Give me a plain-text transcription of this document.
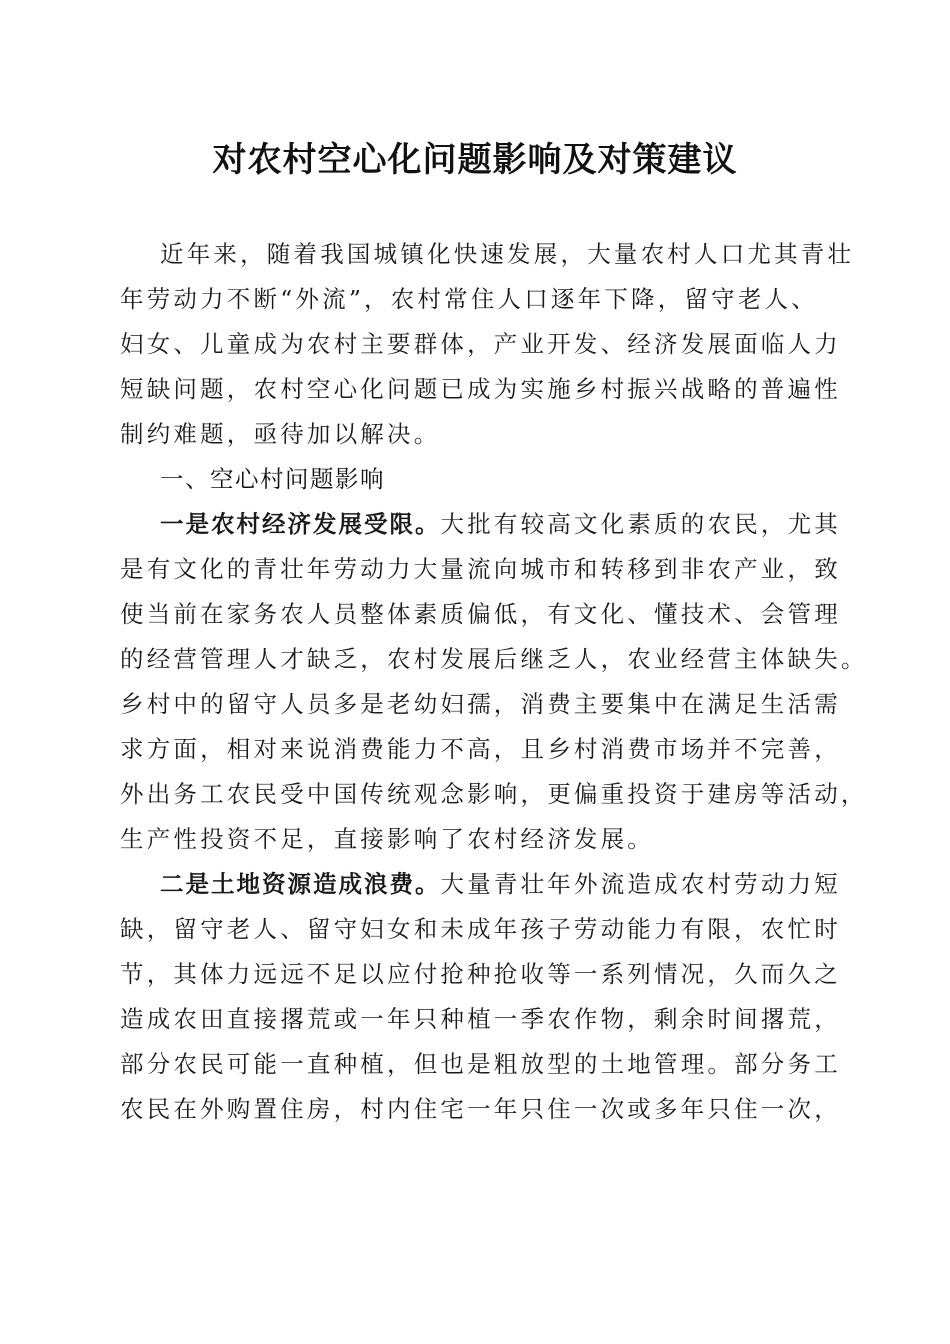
对农村空心化问题影响及对策建议
近年来，随着我国城镇化快速发展，大量农村人口尤其青壮
年劳动力不断“外流”，农村常住人口逐年下降，留守老人、
妇女、儿童成为农村主要群体，产业开发、经济发展面临人力
短缺问题，农村空心化问题已成为实施乡村振兴战略的普遍性
制约难题，亟待加以解决。
一、空心村问题影响
一是农村经济发展受限。大批有较高文化素质的农民，尤其
是有文化的青壮年劳动力大量流向城市和转移到非农产业，致
使当前在家务农人员整体素质偏低，有文化、懂技术、会管理
的经营管理人才缺乏，农村发展后继乏人，农业经营主体缺失。
乡村中的留守人员多是老幼妇孺，消费主要集中在满足生活需
求方面，相对来说消费能力不高，且乡村消费市场并不完善，
外出务工农民受中国传统观念影响，更偏重投资于建房等活动，
生产性投资不足，直接影响了农村经济发展。
二是土地资源造成浪费。大量青壮年外流造成农村劳动力短
缺，留守老人、留守妇女和未成年孩子劳动能力有限，农忙时
节，其体力远远不足以应付抢种抢收等一系列情况，久而久之
造成农田直接撂荒或一年只种植一季农作物，剩余时间撂荒，
部分农民可能一直种植，但也是粗放型的土地管理。部分务工
农民在外购置住房，村内住宅一年只住一次或多年只住一次，
